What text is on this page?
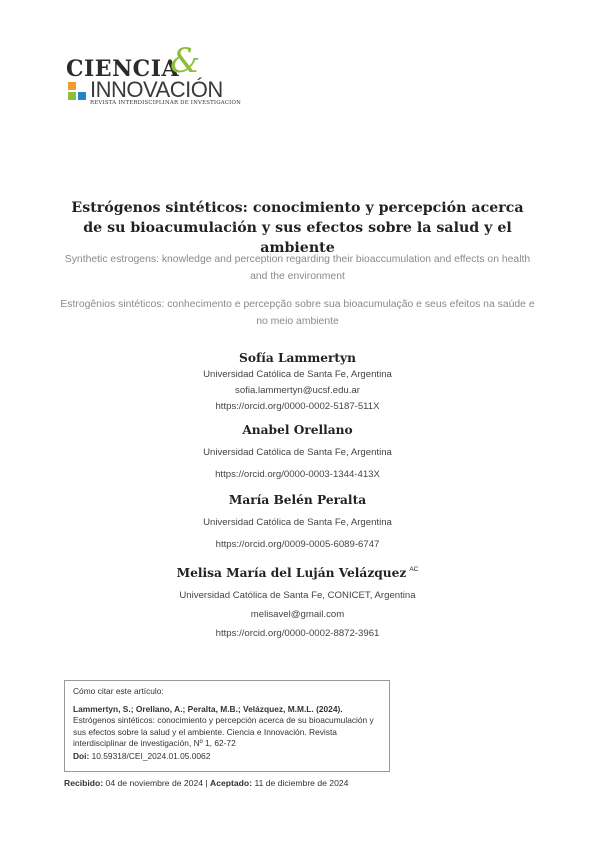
CIENCIA
&
INNOVACIÓN
REVISTA INTERDISCIPLINAR DE INVESTIGACIÓN
Estrógenos sintéticos: conocimiento y percepción acerca de su bioacumulación y sus efectos sobre la salud y el ambiente
Synthetic estrogens: knowledge and perception regarding their bioaccumulation and effects on health and the environment
Estrogênios sintéticos: conhecimento e percepção sobre sua bioacumulação e seus efeitos na saúde e no meio ambiente
Sofía Lammertyn
Universidad Católica de Santa Fe, Argentina
sofia.lammertyn@ucsf.edu.ar
https://orcid.org/0000-0002-5187-511X
Anabel Orellano
Universidad Católica de Santa Fe, Argentina
https://orcid.org/0000-0003-1344-413X
María Belén Peralta
Universidad Católica de Santa Fe, Argentina
https://orcid.org/0009-0005-6089-6747
Melisa María del Luján Velázquez $^{AC}$
Universidad Católica de Santa Fe, CONICET, Argentina
melisavel@gmail.com
https://orcid.org/0000-0002-8872-3961
Cómo citar este artículo:
Lammertyn, S.; Orellano, A.; Peralta, M.B.; Velázquez, M.M.L. (2024).
Estrógenos sintéticos: conocimiento y percepción acerca de su bioacumulación y sus efectos sobre la salud y el ambiente. Ciencia e Innovación. Revista interdisciplinar de investigación, Nº 1, 62-72
Doi: 10.59318/CEI_2024.01.05.0062
Recibido: 04 de noviembre de 2024 | Aceptado: 11 de diciembre de 2024
